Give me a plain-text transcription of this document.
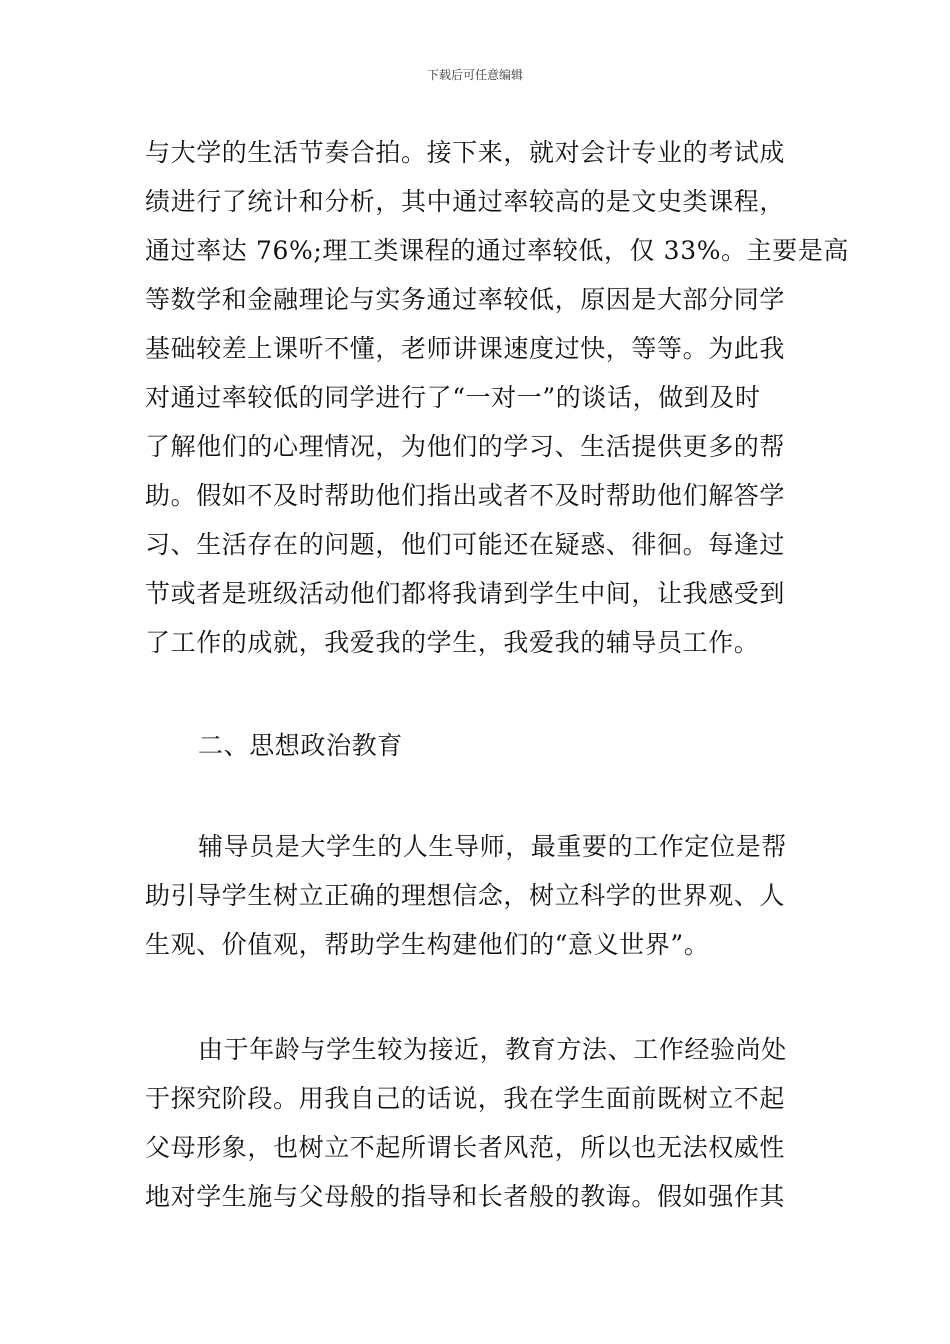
下载后可任意编辑

与大学的生活节奏合拍。接下来，就对会计专业的考试成
绩进行了统计和分析，其中通过率较高的是文史类课程，
通过率达 76%;理工类课程的通过率较低，仅 33%。主要是高
等数学和金融理论与实务通过率较低，原因是大部分同学
基础较差上课听不懂，老师讲课速度过快，等等。为此我
对通过率较低的同学进行了“一对一”的谈话，做到及时
了解他们的心理情况，为他们的学习、生活提供更多的帮
助。假如不及时帮助他们指出或者不及时帮助他们解答学
习、生活存在的问题，他们可能还在疑惑、徘徊。每逢过
节或者是班级活动他们都将我请到学生中间，让我感受到
了工作的成就，我爱我的学生，我爱我的辅导员工作。

二、思想政治教育

辅导员是大学生的人生导师，最重要的工作定位是帮
助引导学生树立正确的理想信念，树立科学的世界观、人
生观、价值观，帮助学生构建他们的“意义世界”。

由于年龄与学生较为接近，教育方法、工作经验尚处
于探究阶段。用我自己的话说，我在学生面前既树立不起
父母形象，也树立不起所谓长者风范，所以也无法权威性
地对学生施与父母般的指导和长者般的教诲。假如强作其
